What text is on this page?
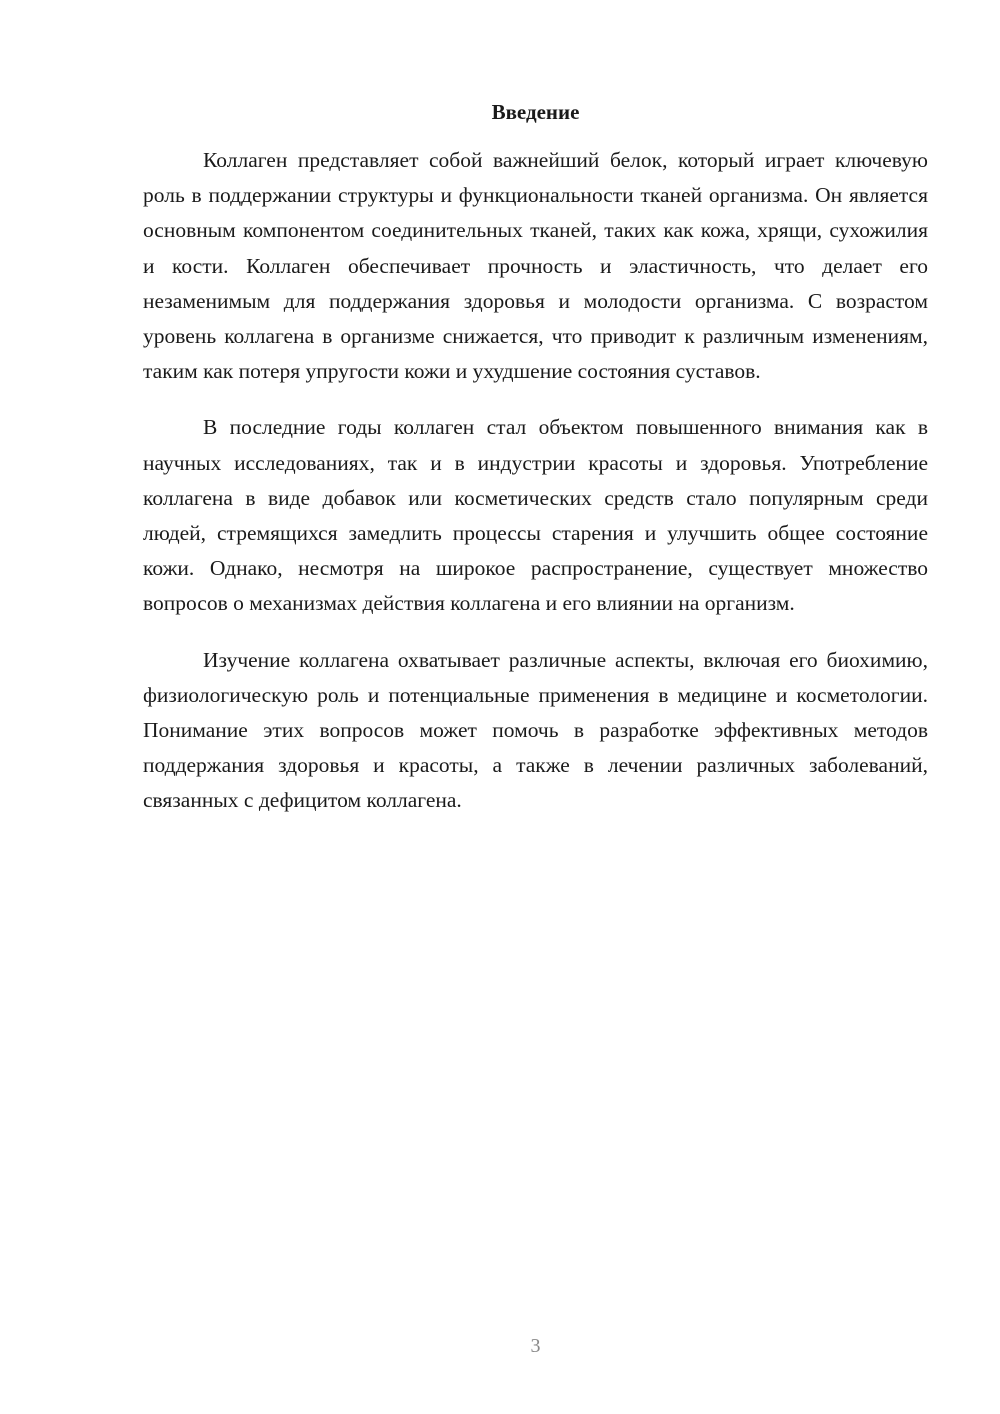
Введение

Коллаген представляет собой важнейший белок, который играет ключевую роль в поддержании структуры и функциональности тканей организма. Он является основным компонентом соединительных тканей, таких как кожа, хрящи, сухожилия и кости. Коллаген обеспечивает прочность и эластичность, что делает его незаменимым для поддержания здоровья и молодости организма. С возрастом уровень коллагена в организме снижается, что приводит к различным изменениям, таким как потеря упругости кожи и ухудшение состояния суставов.

В последние годы коллаген стал объектом повышенного внимания как в научных исследованиях, так и в индустрии красоты и здоровья. Употребление коллагена в виде добавок или косметических средств стало популярным среди людей, стремящихся замедлить процессы старения и улучшить общее состояние кожи. Однако, несмотря на широкое распространение, существует множество вопросов о механизмах действия коллагена и его влиянии на организм.

Изучение коллагена охватывает различные аспекты, включая его биохимию, физиологическую роль и потенциальные применения в медицине и косметологии. Понимание этих вопросов может помочь в разработке эффективных методов поддержания здоровья и красоты, а также в лечении различных заболеваний, связанных с дефицитом коллагена.

3
